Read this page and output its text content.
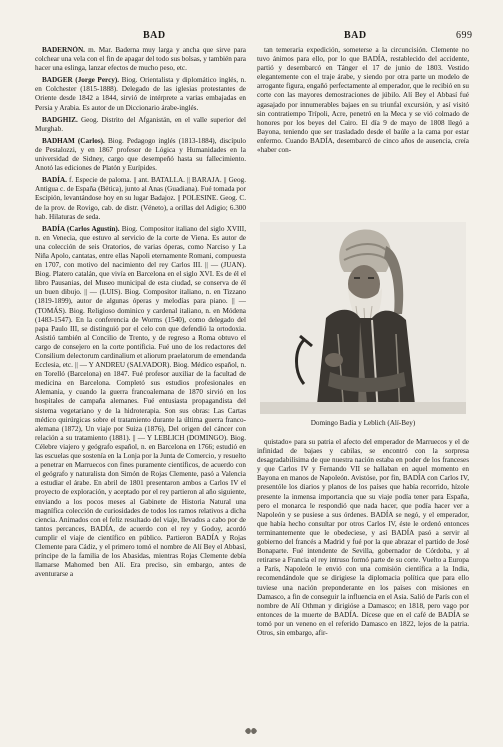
BAD	BAD	699

BADERNÓN. m. Mar. Baderna muy larga y ancha que sirve para colchear una vela con el fin de apagar del todo sus bolsas, y también para hacer una eslinga, lanzar efectos de mucho peso, etc.

BADGER (Jorge Percy). Biog. Orientalista y diplomático inglés, n. en Colchester (1815-1888). Delegado de las iglesias protestantes de Oriente desde 1842 a 1844, sirvió de intérprete a varias embajadas en Persia y Arabia. Es autor de un Diccionario árabe-inglés.

BADGHIZ. Geog. Distrito del Afganistán, en el valle superior del Murghab.

BADHAM (Carlos). Biog. Pedagogo inglés (1813-1884), discípulo de Pestalozzi, y en 1867 profesor de Lógica y Humanidades en la universidad de Sidney, cargo que desempeñó hasta su fallecimiento. Anotó las ediciones de Platón y Eurípides.

BADÍA. f. Especie de paloma. || ant. BATALLA. || BARAJA. || Geog. Antigua c. de España (Bética), junto al Anas (Guadiana). Fué tomada por Escipión, levantándose hoy en su lugar Badajoz. || POLESINE. Geog. C. de la prov. de Rovigo, cab. de distr. (Véneto), a orillas del Adigio; 6.300 hab. Hilaturas de seda.

BADÍA (Carlos Agustín). Biog. Compositor italiano del siglo XVIII, n. en Venecia, que estuvo al servicio de la corte de Viena. Es autor de una colección de seis Oratorios, de varias óperas, como Narciso y La Niña Apolo, cantatas, entre ellas Napoli eternamente Romani, compuesta en 1707, con motivo del nacimiento del rey Carlos III. || — (JUAN). Biog. Platero catalán, que vivía en Barcelona en el siglo XVI. Es de él el libro Pausanias, del Museo municipal de esta ciudad, se conserva de él un buen dibujo. || — (LUIS). Biog. Compositor italiano, n. en Tizzano (1819-1899), autor de algunas óperas y melodías para piano. || — (TOMÁS). Biog. Religioso dominico y cardenal italiano, n. en Módena (1483-1547). En la conferencia de Worms (1540), como delegado del papa Paulo III, se distinguió por el celo con que defendió la ortodoxia. Asistió también al Concilio de Trento, y de regreso a Roma obtuvo el cargo de consejero en la corte pontificia. Fué uno de los redactores del Consilium delectorum cardinalium et aliorum praelatorum de emendanda Ecclesia, etc. || — Y ANDREU (SALVADOR). Biog. Médico español, n. en Torelló (Barcelona) en 1847. Fué profesor auxiliar de la facultad de medicina en Barcelona. Completó sus estudios profesionales en Alemania, y cuando la guerra francoalemana de 1870 sirvió en los hospitales de campaña alemanes. Fué entusiasta propagandista del sistema vegetariano y de la hidroterapia. Son sus obras: Las Cartas médico quirúrgicas sobre el tratamiento durante la última guerra franco-alemana (1872), Un viaje por Suiza (1876), Del origen del cáncer con relación a su tratamiento (1881). || — Y LEBLICH (DOMINGO). Biog. Célebre viajero y geógrafo español, n. en Barcelona en 1766; estudió en las escuelas que sostenía en la Lonja por la Junta de Comercio, y resuelto a penetrar en Marruecos con fines puramente científicos, de acuerdo con el geógrafo y naturalista don Simón de Rojas Clemente, pasó a Valencia a estudiar el árabe. En abril de 1801 presentaron ambos a Carlos IV el proyecto de exploración, y aceptado por el rey partieron al año siguiente, enviando a los pocos meses al Gabinete de Historia Natural una magnífica colección de curiosidades de todos los ramos relativos a dicha ciencia. Animados con el feliz resultado del viaje, llevados a cabo por de tantos percances, BADÍA, de acuerdo con el rey y Godoy, acordó cumplir el viaje de científico en público. Partieron BADÍA y Rojas Clemente para Cádiz, y el primero tomó el nombre de Alí Bey el Abbasí, príncipe de la familia de los Abasidas, mientras Rojas Clemente debía llamarse Mahomed ben Alí. Era preciso, sin embargo, antes de aventurarse a

tan temeraria expedición, someterse a la circuncisión. Clemente no tuvo ánimos para ello, por lo que BADÍA, restablecido del accidente, partió y desembarcó en Tánger el 17 de junio de 1803. Vestido elegantemente con el traje árabe, y siendo por otra parte un modelo de arrogante figura, engañó perfectamente al emperador, que le recibió en su corte con las mayores demostraciones de júbilo. Alí Bey el Abbasí fué agasajado por innumerables bajaes en su triunfal excursión, y así visitó sin contratiempo Trípoli, Acre, penetró en la Meca y se vió colmado de honores por los beyes del Cairo. El día 9 de mayo de 1808 llegó a Bayona, teniendo que ser trasladado desde el baúle a la cama por estar enfermo. Cuando BADÍA, desembarcó de cinco años de ausencia, creía «haber con-

Domingo Badía y Leblich (Alí-Bey)

quistado» para su patria el afecto del emperador de Marruecos y el de infinidad de bajaes y cabilas, se encontró con la sorpresa desagradabilísima de que nuestra nación estaba en poder de los franceses y que Carlos IV y Fernando VII se hallaban en aquel momento en Bayona en manos de Napoleón. Avistóse, por fin, BADÍA con Carlos IV, presentóle los diarios y planos de los países que había recorrido, hízole presente la inmensa importancia que su viaje podía tener para España, pero el monarca le respondió que nada hacer, que podía hacer ver a Napoleón y se pusiese a sus órdenes. BADÍA se negó, y el emperador, que había hecho consultar por otros Carlos IV, éste le ordenó entonces terminantemente que le obedeciese, y así BADÍA pasó a servir al gobierno del francés a Madrid y fué por la que abrazar el partido de José Bonaparte. Fué intendente de Sevilla, gobernador de Córdoba, y al retirarse a Francia el rey intruso formó parte de su corte. Vuelto a Europa a París, Napoleón le envió con una comisión científica a la India, recomendándole que se dirigiese la diplomacia política que para ello tuviese una nación preponderante en los países con misiones en Damasco, a fin de conseguir la influencia en el Asia. Salió de París con el nombre de Alí Othman y dirigióse a Damasco; en 1818, pero vago por entonces de la muerte de BADÍA. Dícese que en el café de BADÍA se tomó por un veneno en el referido Damasco en 1822, lejos de la patria. Otros, sin embargo, afir-
